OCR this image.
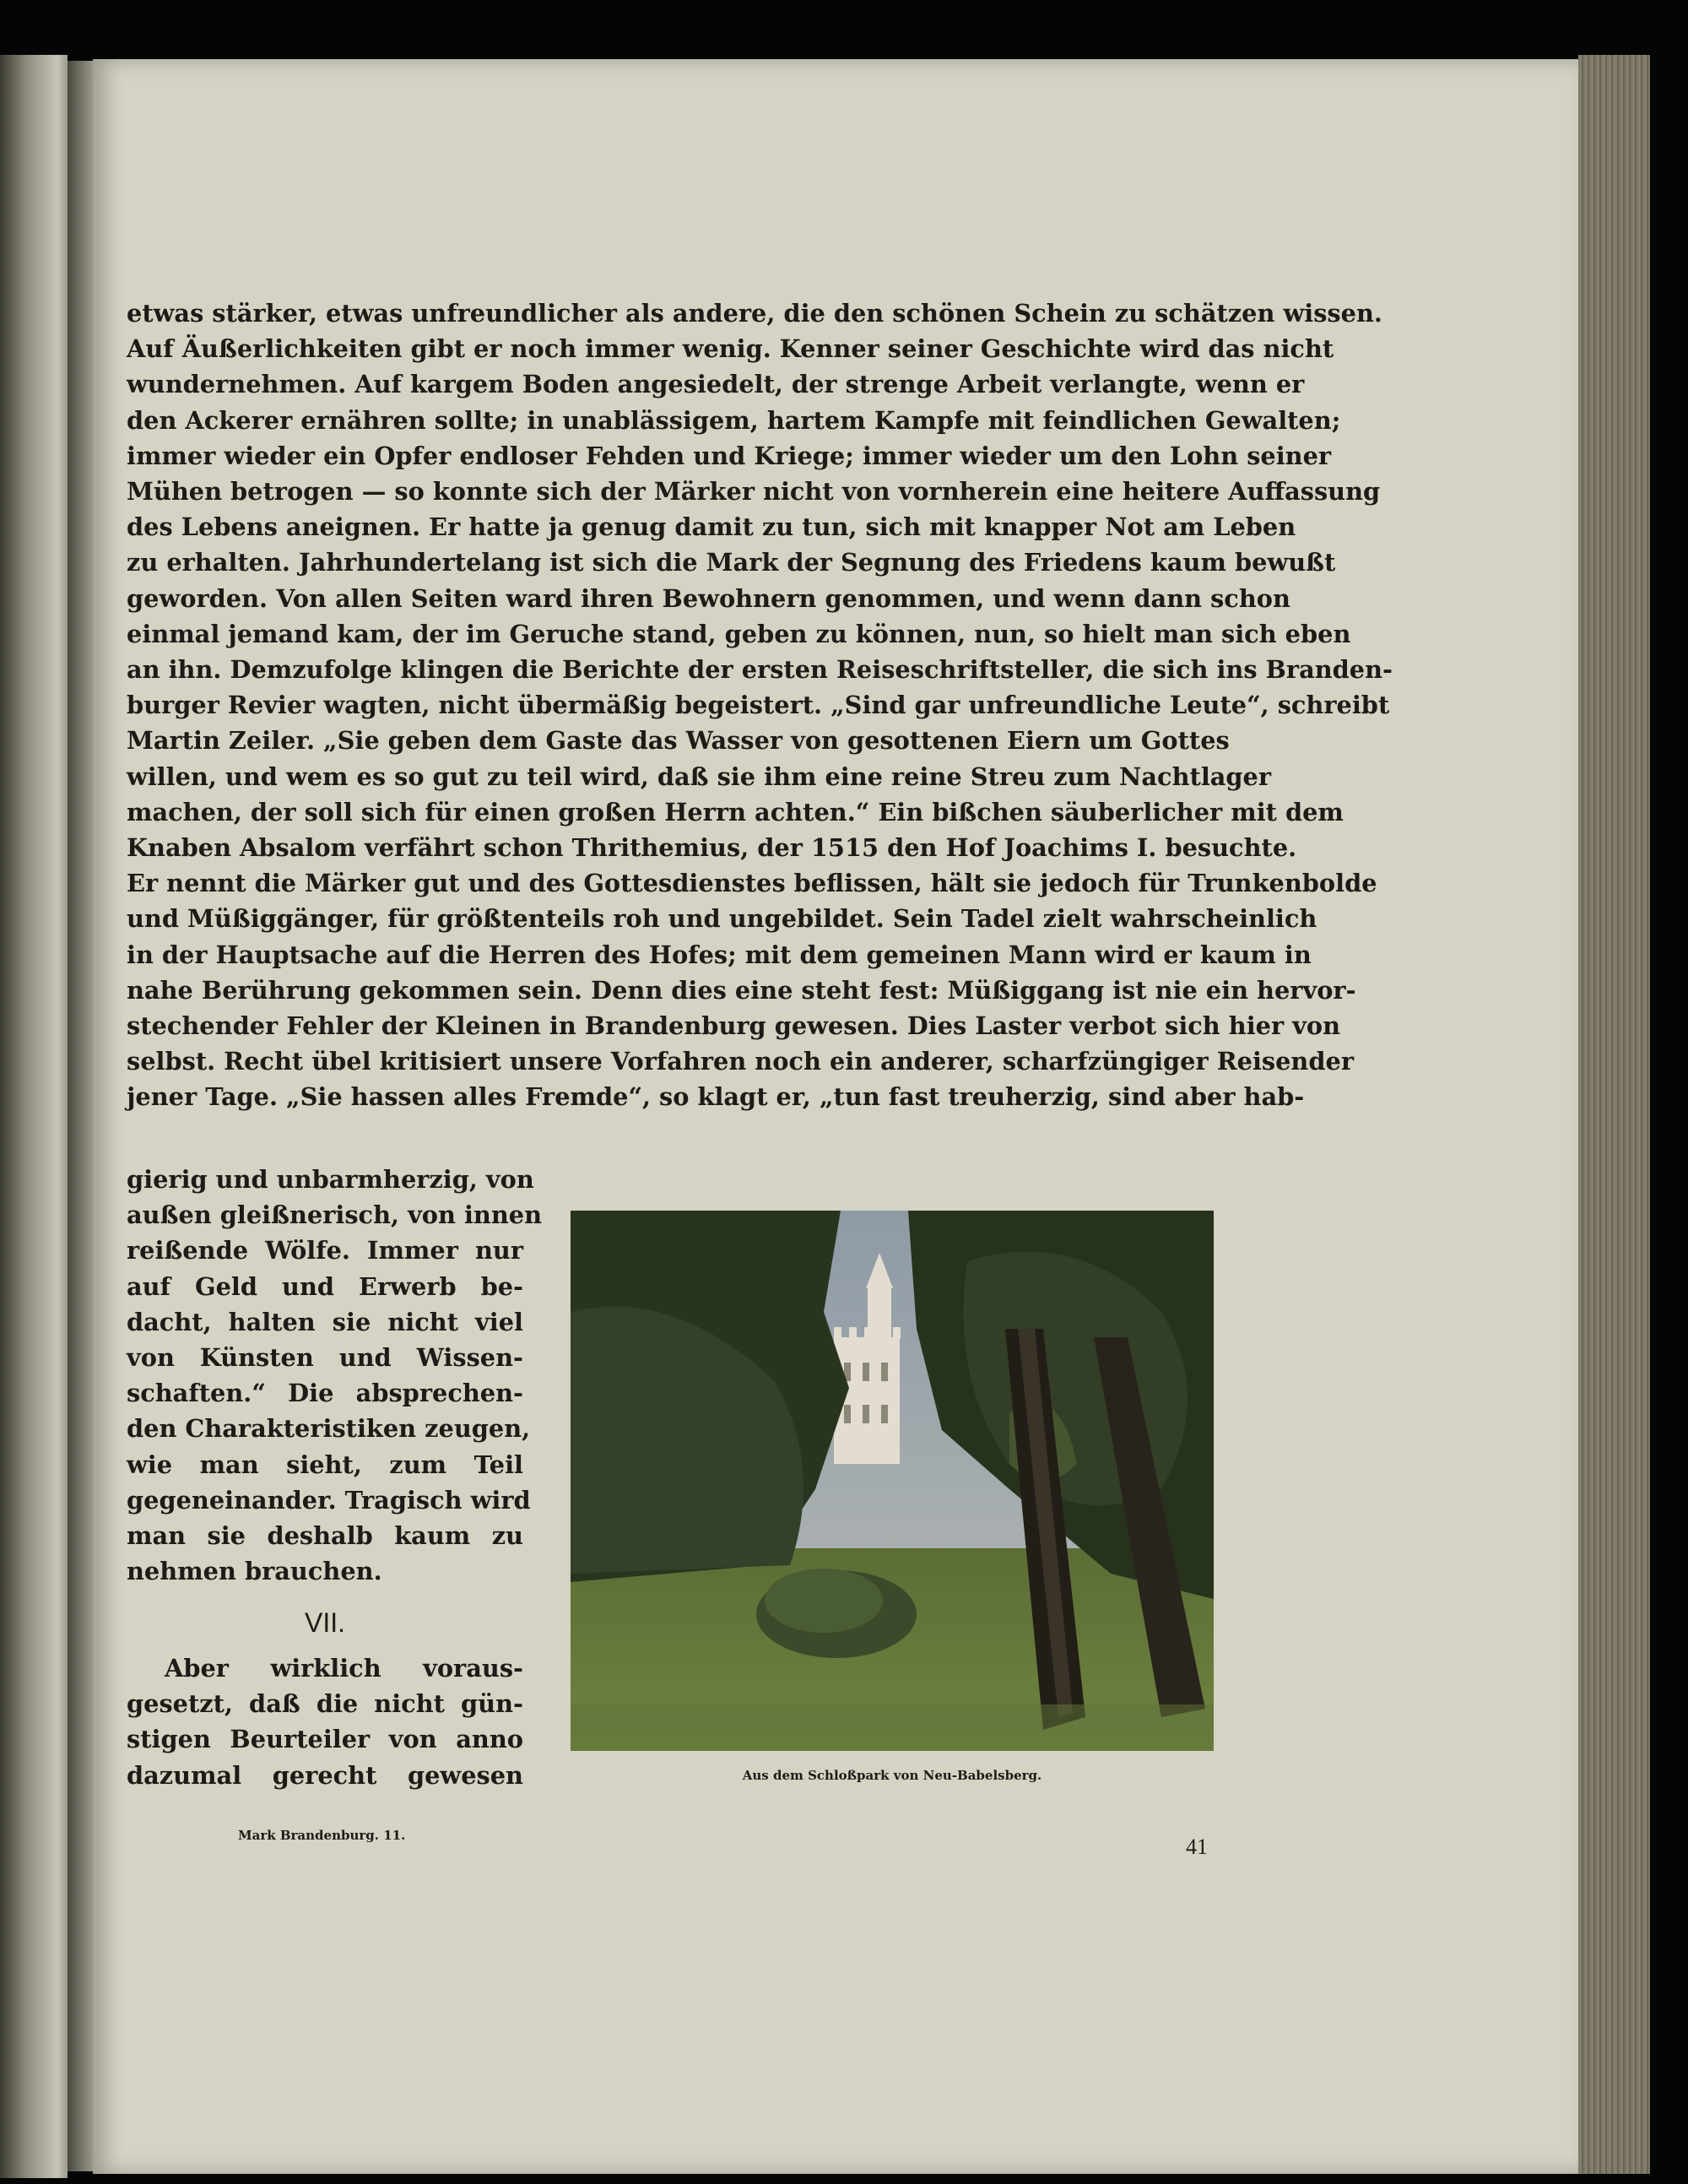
etwas stärker, etwas unfreundlicher als andere, die den schönen Schein zu schätzen wissen.
Auf Äußerlichkeiten gibt er noch immer wenig. Kenner seiner Geschichte wird das nicht
wundernehmen. Auf kargem Boden angesiedelt, der strenge Arbeit verlangte, wenn er
den Ackerer ernähren sollte; in unablässigem, hartem Kampfe mit feindlichen Gewalten;
immer wieder ein Opfer endloser Fehden und Kriege; immer wieder um den Lohn seiner
Mühen betrogen — so konnte sich der Märker nicht von vornherein eine heitere Auffassung
des Lebens aneignen. Er hatte ja genug damit zu tun, sich mit knapper Not am Leben
zu erhalten. Jahrhundertelang ist sich die Mark der Segnung des Friedens kaum bewußt
geworden. Von allen Seiten ward ihren Bewohnern genommen, und wenn dann schon
einmal jemand kam, der im Geruche stand, geben zu können, nun, so hielt man sich eben
an ihn. Demzufolge klingen die Berichte der ersten Reiseschriftsteller, die sich ins Branden-
burger Revier wagten, nicht übermäßig begeistert. „Sind gar unfreundliche Leute“, schreibt
Martin Zeiler. „Sie geben dem Gaste das Wasser von gesottenen Eiern um Gottes
willen, und wem es so gut zu teil wird, daß sie ihm eine reine Streu zum Nachtlager
machen, der soll sich für einen großen Herrn achten.“ Ein bißchen säuberlicher mit dem
Knaben Absalom verfährt schon Thrithemius, der 1515 den Hof Joachims I. besuchte.
Er nennt die Märker gut und des Gottesdienstes beflissen, hält sie jedoch für Trunkenbolde
und Müßiggänger, für größtenteils roh und ungebildet. Sein Tadel zielt wahrscheinlich
in der Hauptsache auf die Herren des Hofes; mit dem gemeinen Mann wird er kaum in
nahe Berührung gekommen sein. Denn dies eine steht fest: Müßiggang ist nie ein hervor-
stechender Fehler der Kleinen in Brandenburg gewesen. Dies Laster verbot sich hier von
selbst. Recht übel kritisiert unsere Vorfahren noch ein anderer, scharfzüngiger Reisender
jener Tage. „Sie hassen alles Fremde“, so klagt er, „tun fast treuherzig, sind aber hab-
gierig und unbarmherzig, von
außen gleißnerisch, von innen
reißende Wölfe. Immer nur
auf Geld und Erwerb be-
dacht, halten sie nicht viel
von Künsten und Wissen-
schaften.“ Die absprechen-
den Charakteristiken zeugen,
wie man sieht, zum Teil
gegeneinander. Tragisch wird
man sie deshalb kaum zu
nehmen brauchen.
VII.
Aber wirklich voraus-
gesetzt, daß die nicht gün-
stigen Beurteiler von anno
dazumal gerecht gewesen	Aus dem Schloßpark von Neu-Babelsberg.
Mark Brandenburg. 11.	41
